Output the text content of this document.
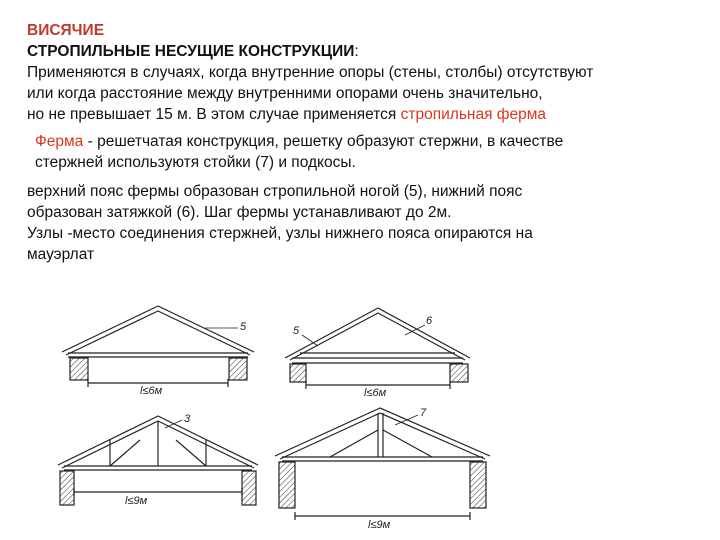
ВИСЯЧИЕ
СТРОПИЛЬНЫЕ НЕСУЩИЕ КОНСТРУКЦИИ:
Применяются в случаях, когда внутренние опоры (стены, столбы) отсутствуют
или когда расстояние между внутренними опорами очень значительно,
но не превышает 15 м. В этом случае применяется стропильная ферма
Ферма - решетчатая конструкция, решетку образуют стержни, в качестве
стержней используютя стойки (7) и подкосы.
верхний пояс фермы образован стропильной ногой (5), нижний пояс
образован затяжкой (6). Шаг фермы устанавливают до 2м.
Узлы -место соединения стержней, узлы нижнего пояса опираются на
мауэрлат
l≤6м
5
l≤6м
5
6
l≤9м
3
l≤9м
7
